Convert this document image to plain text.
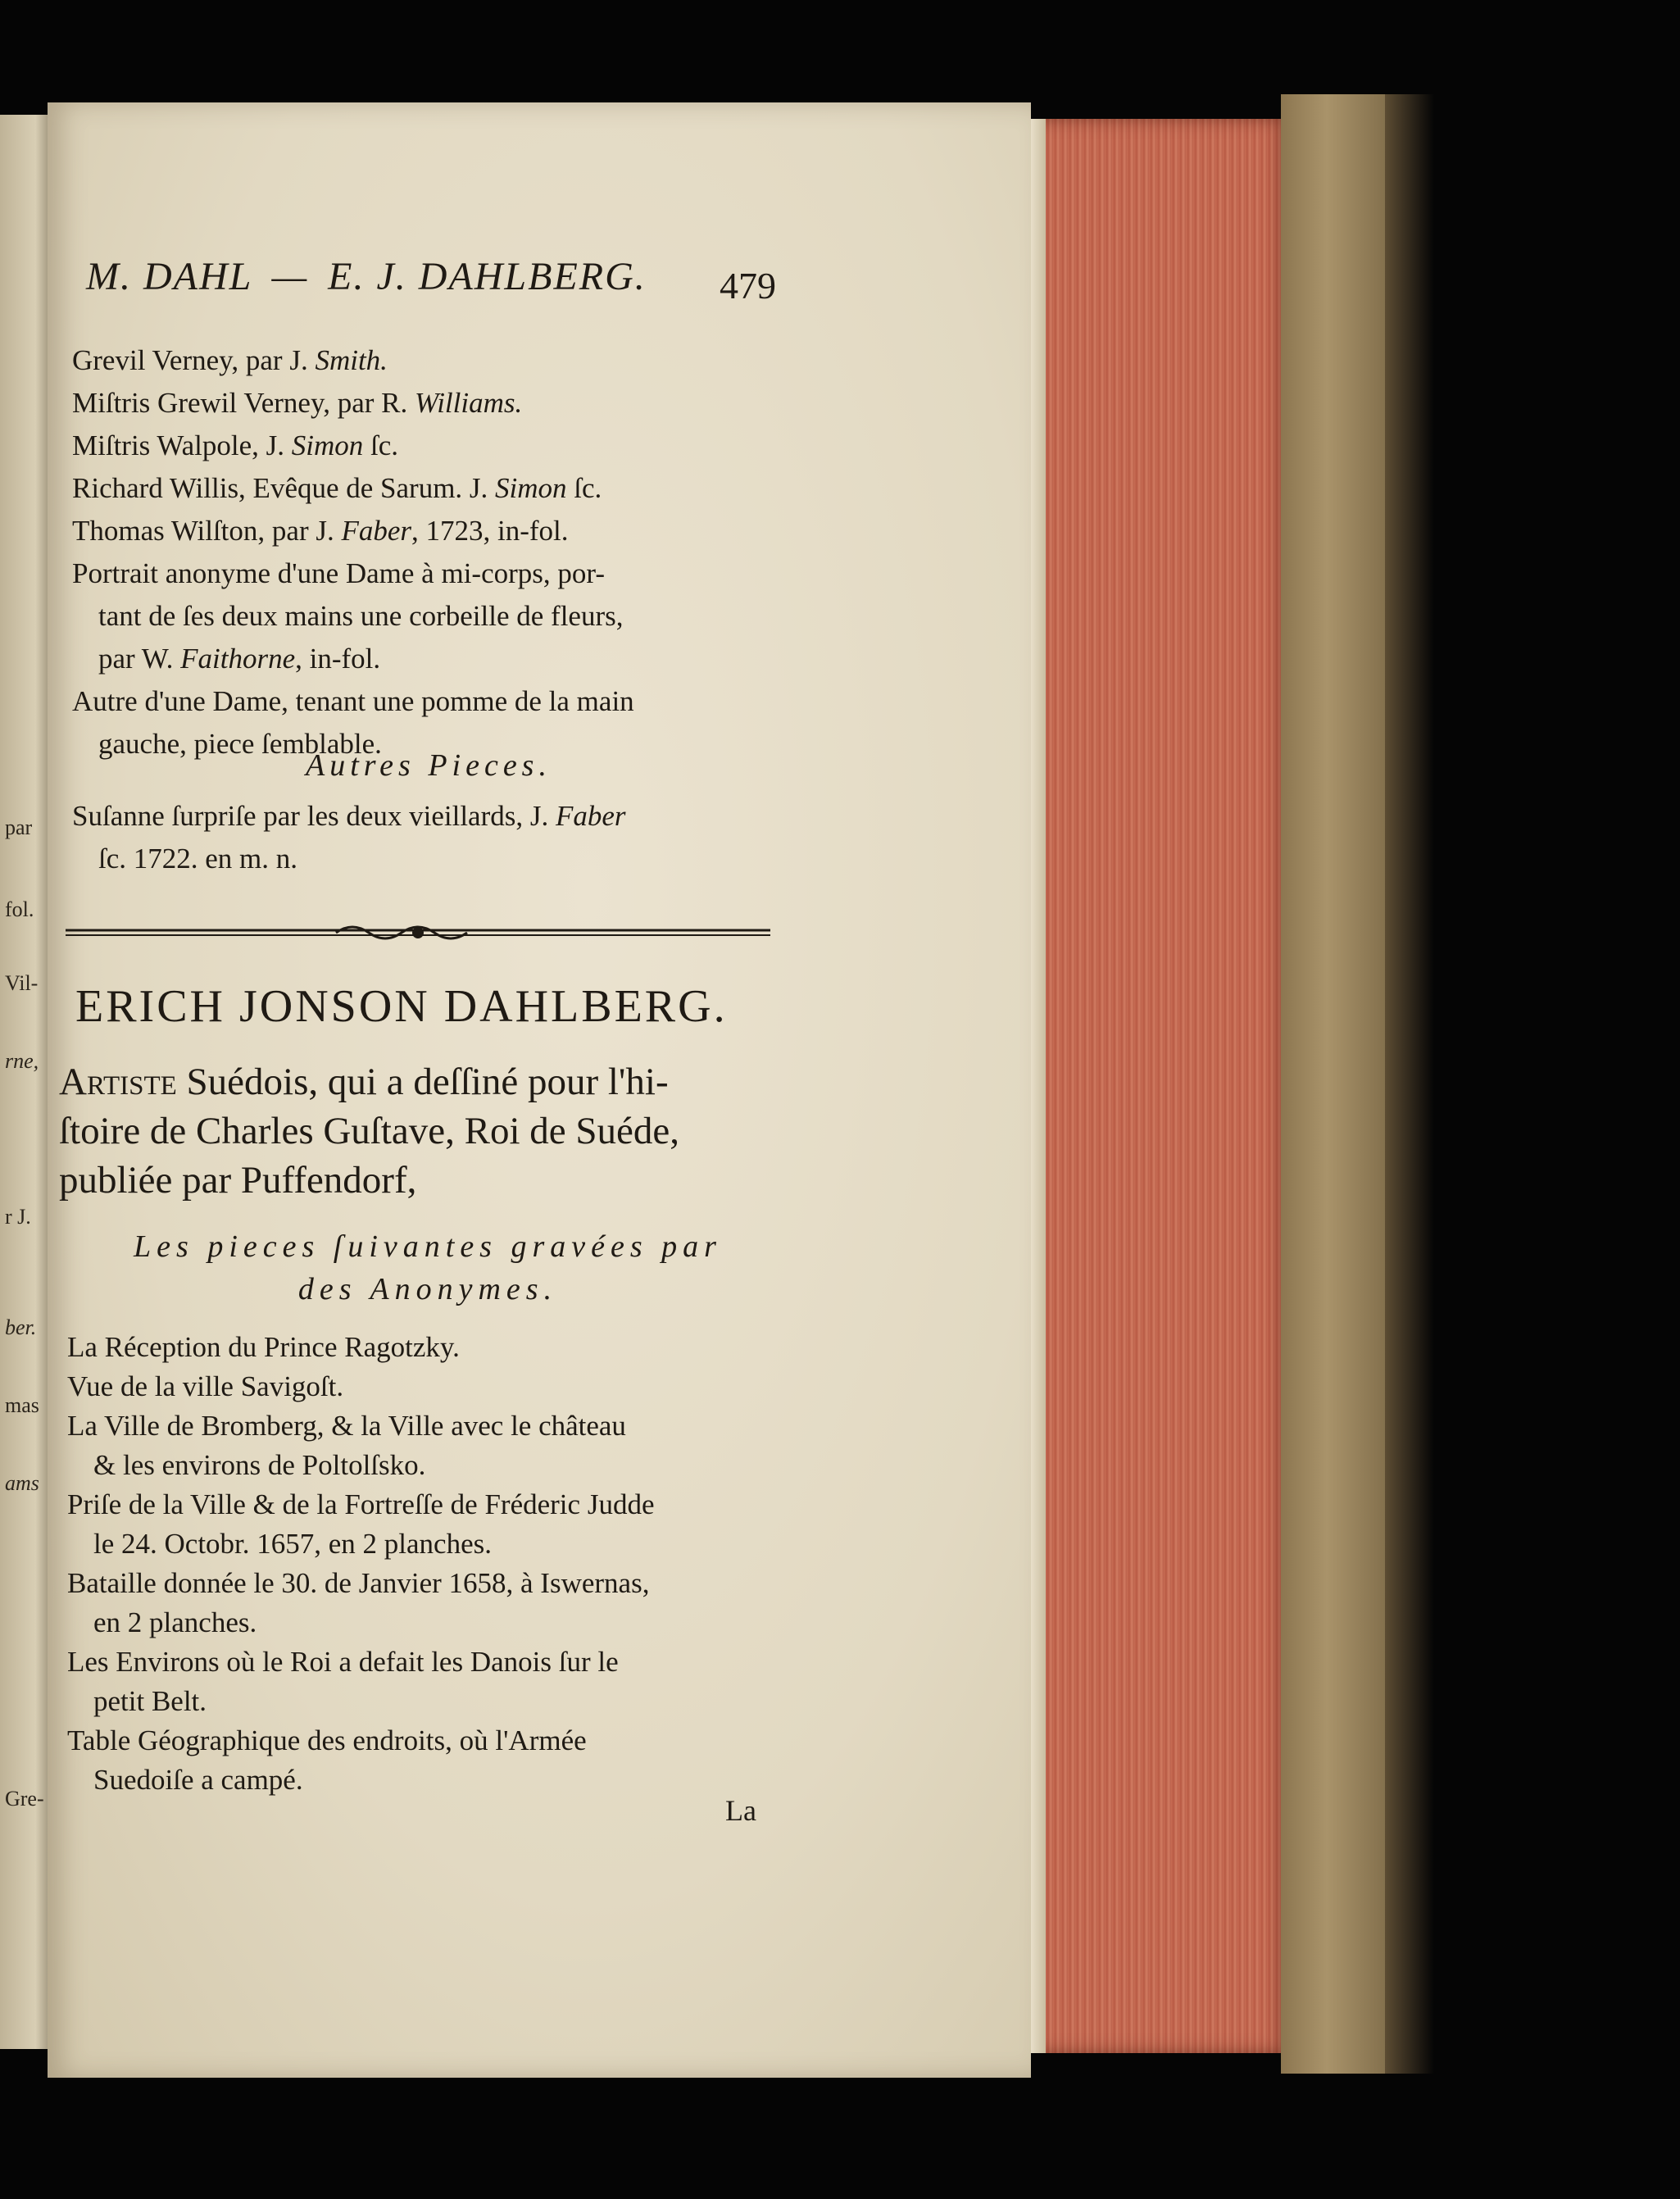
par
fol.
Vil-
rne,
r J.
ber.
mas
ams
Gre-
M. DAHL — E. J. DAHLBERG.	479
Grevil Verney, par J. Smith.
Miſtris Grewil Verney, par R. Williams.
Miſtris Walpole, J. Simon ſc.
Richard Willis, Evêque de Sarum. J. Simon ſc.
Thomas Wilſton, par J. Faber, 1723, in-fol.
Portrait anonyme d'une Dame à mi-corps, por-
tant de ſes deux mains une corbeille de fleurs,
par W. Faithorne, in-fol.
Autre d'une Dame, tenant une pomme de la main
gauche, piece ſemblable.
Autres Pieces.
Suſanne ſurpriſe par les deux vieillards, J. Faber
ſc. 1722. en m. n.
ERICH JONSON DAHLBERG.
Artiste Suédois, qui a deſſiné pour l'hi-
ſtoire de Charles Guſtave, Roi de Suéde,
publiée par Puffendorf,
Les pieces ſuivantes gravées par
des Anonymes.
La Réception du Prince Ragotzky.
Vue de la ville Savigoſt.
La Ville de Bromberg, & la Ville avec le château
& les environs de Poltolſsko.
Priſe de la Ville & de la Fortreſſe de Fréderic Judde
le 24. Octobr. 1657, en 2 planches.
Bataille donnée le 30. de Janvier 1658, à Iswernas,
en 2 planches.
Les Environs où le Roi a defait les Danois ſur le
petit Belt.
Table Géographique des endroits, où l'Armée
Suedoiſe a campé.
La
